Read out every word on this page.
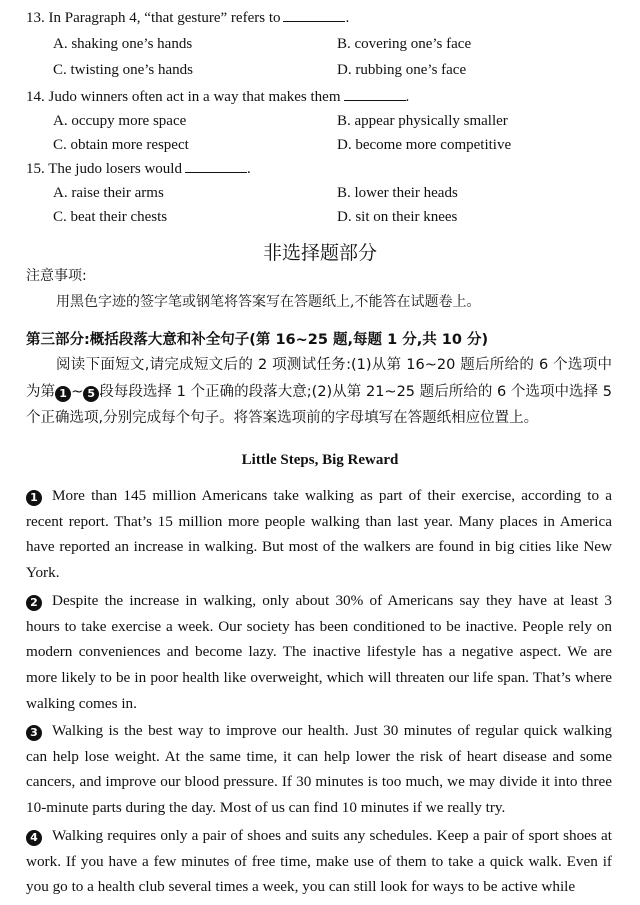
13. In Paragraph 4, “that gesture” refers to	.
A. shaking one’s hands	B. covering one’s face
C. twisting one’s hands	D. rubbing one’s face
14. Judo winners often act in a way that makes them	.
A. occupy more space	B. appear physically smaller
C. obtain more respect	D. become more competitive
15. The judo losers would	.
A. raise their arms	B. lower their heads
C. beat their chests	D. sit on their knees
非选择题部分
注意事项:
用黑色字迹的签字笔或钢笔将答案写在答题纸上,不能答在试题卷上。
第三部分:概括段落大意和补全句子(第 16~25 题,每题 1 分,共 10 分)
阅读下面短文,请完成短文后的 2 项测试任务:(1)从第 16~20 题后所给的 6 个选项中为第 1 ~ 5 段每段选择 1 个正确的段落大意;(2)从第 21~25 题后所给的 6 个选项中选择 5 个正确选项,分别完成每个句子。将答案选项前的字母填写在答题纸相应位置上。
Little Steps, Big Reward
1 More than 145 million Americans take walking as part of their exercise, according to a recent report. That’s 15 million more people walking than last year. Many places in America have reported an increase in walking. But most of the walkers are found in big cities like New York.
2 Despite the increase in walking, only about 30% of Americans say they have at least 3 hours to take exercise a week. Our society has been conditioned to be inactive. People rely on modern conveniences and become lazy. The inactive lifestyle has a negative aspect. We are more likely to be in poor health like overweight, which will threaten our life span. That’s where walking comes in.
3 Walking is the best way to improve our health. Just 30 minutes of regular quick walking can help lose weight. At the same time, it can help lower the risk of heart disease and some cancers, and improve our blood pressure. If 30 minutes is too much, we may divide it into three 10-minute parts during the day. Most of us can find 10 minutes if we really try.
4 Walking requires only a pair of shoes and suits any schedules. Keep a pair of sport shoes at work. If you have a few minutes of free time, make use of them to take a quick walk. Even if you go to a health club several times a week, you can still look for ways to be active while
